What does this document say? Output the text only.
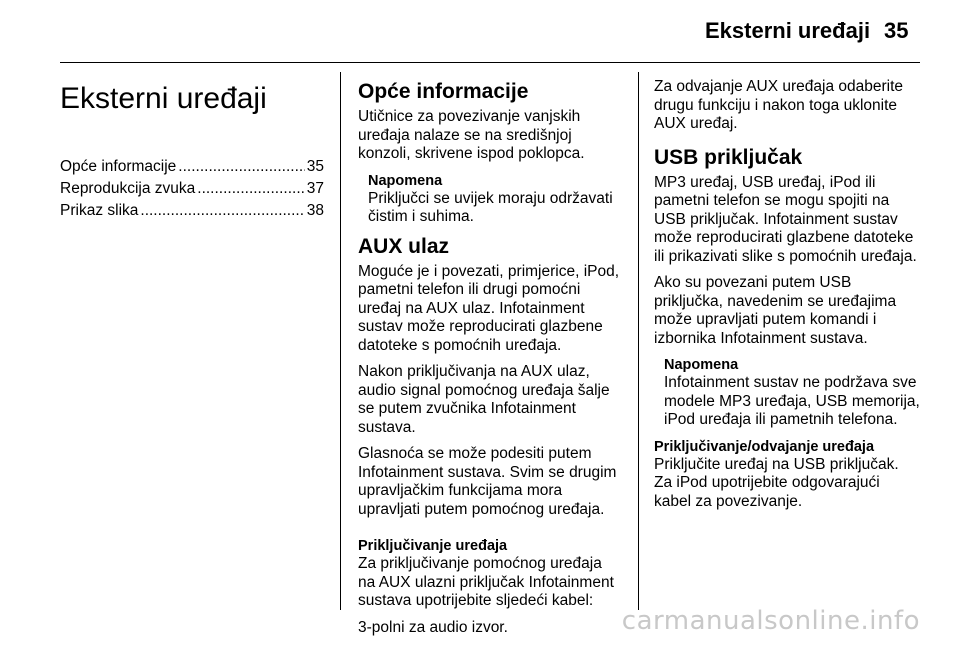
Eksterni uređaji 35
Eksterni uređaji
Opće informacije .....	35
Reprodukcija zvuka .....	37
Prikaz slika .....	38
Opće informacije

Utičnice za povezivanje vanjskih uređaja nalaze se na središnjoj konzoli, skrivene ispod poklopca.

Napomena

Priključci se uvijek moraju održavati čistim i suhima.

AUX ulaz

Moguće je i povezati, primjerice, iPod, pametni telefon ili drugi pomoćni uređaj na AUX ulaz. Infotainment sustav može reproducirati glazbene datoteke s pomoćnih uređaja.

Nakon priključivanja na AUX ulaz, audio signal pomoćnog uređaja šalje se putem zvučnika Infotainment sustava.

Glasnoća se može podesiti putem Infotainment sustava. Svim se drugim upravljačkim funkcijama mora upravljati putem pomoćnog uređaja.

Priključivanje uređaja

Za priključivanje pomoćnog uređaja na AUX ulazni priključak Infotainment sustava upotrijebite sljedeći kabel:

3-polni za audio izvor.

Za odvajanje AUX uređaja odaberite drugu funkciju i nakon toga uklonite AUX uređaj.

USB priključak

MP3 uređaj, USB uređaj, iPod ili pametni telefon se mogu spojiti na USB priključak. Infotainment sustav može reproducirati glazbene datoteke ili prikazivati slike s pomoćnih uređaja.

Ako su povezani putem USB priključka, navedenim se uređajima može upravljati putem komandi i izbornika Infotainment sustava.

Napomena

Infotainment sustav ne podržava sve modele MP3 uređaja, USB memorija, iPod uređaja ili pametnih telefona.

Priključivanje/odvajanje uređaja

Priključite uređaj na USB priključak. Za iPod upotrijebite odgovarajući kabel za povezivanje.

carmanualsonline.info
